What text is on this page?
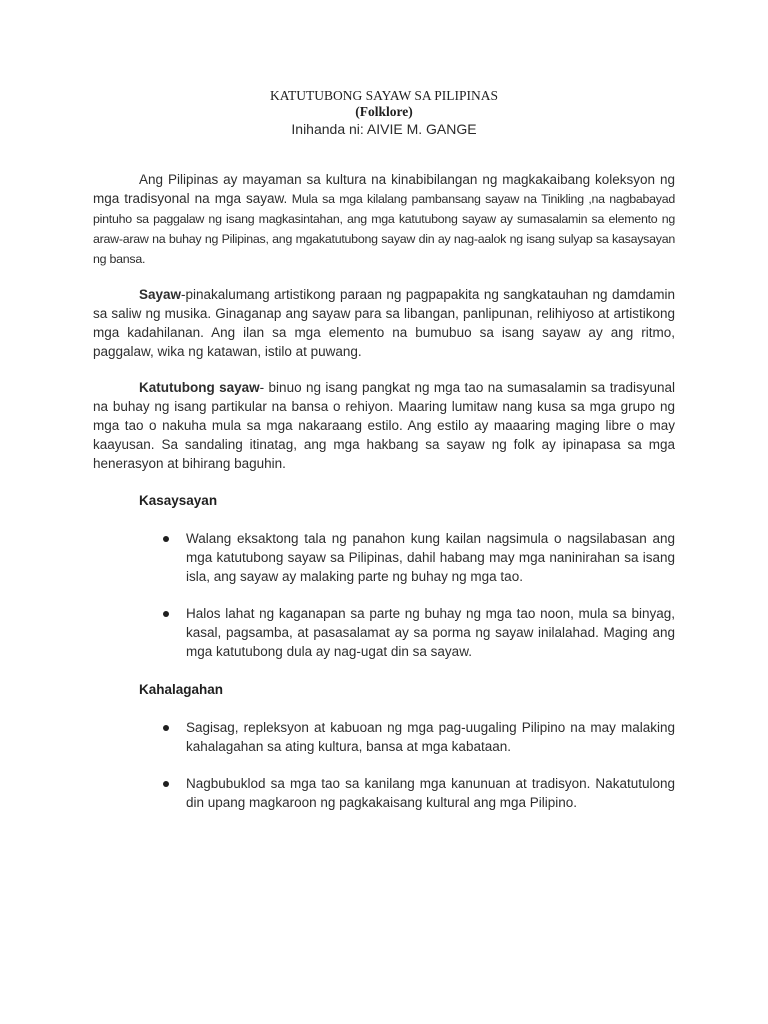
KATUTUBONG SAYAW SA PILIPINAS
(Folklore)
Inihanda ni: AIVIE M. GANGE

Ang Pilipinas ay mayaman sa kultura na kinabibilangan ng magkakaibang koleksyon ng mga tradisyonal na mga sayaw. Mula sa mga kilalang pambansang sayaw na Tinikling ,na nagbabayad pintuho sa paggalaw ng isang magkasintahan, ang mga katutubong sayaw ay sumasalamin sa elemento ng araw-araw na buhay ng Pilipinas, ang mgakatutubong sayaw din ay nag-aalok ng isang sulyap sa kasaysayan ng bansa.

Sayaw-pinakalumang artistikong paraan ng pagpapakita ng sangkatauhan ng damdamin sa saliw ng musika. Ginaganap ang sayaw para sa libangan, panlipunan, relihiyoso at artistikong mga kadahilanan. Ang ilan sa mga elemento na bumubuo sa isang sayaw ay ang ritmo, paggalaw, wika ng katawan, istilo at puwang.

Katutubong sayaw- binuo ng isang pangkat ng mga tao na sumasalamin sa tradisyunal na buhay ng isang partikular na bansa o rehiyon. Maaring lumitaw nang kusa sa mga grupo ng mga tao o nakuha mula sa mga nakaraang estilo. Ang estilo ay maaaring maging libre o may kaayusan. Sa sandaling itinatag, ang mga hakbang sa sayaw ng folk ay ipinapasa sa mga henerasyon at bihirang baguhin.

Kasaysayan

Walang eksaktong tala ng panahon kung kailan nagsimula o nagsilabasan ang mga katutubong sayaw sa Pilipinas, dahil habang may mga naninirahan sa isang isla, ang sayaw ay malaking parte ng buhay ng mga tao.

Halos lahat ng kaganapan sa parte ng buhay ng mga tao noon, mula sa binyag, kasal, pagsamba, at pasasalamat ay sa porma ng sayaw inilalahad. Maging ang mga katutubong dula ay nag-ugat din sa sayaw.

Kahalagahan

Sagisag, repleksyon at kabuoan ng mga pag-uugaling Pilipino na may malaking kahalagahan sa ating kultura, bansa at mga kabataan.

Nagbubuklod sa mga tao sa kanilang mga kanunuan at tradisyon. Nakatutulong din upang magkaroon ng pagkakaisang kultural ang mga Pilipino.
